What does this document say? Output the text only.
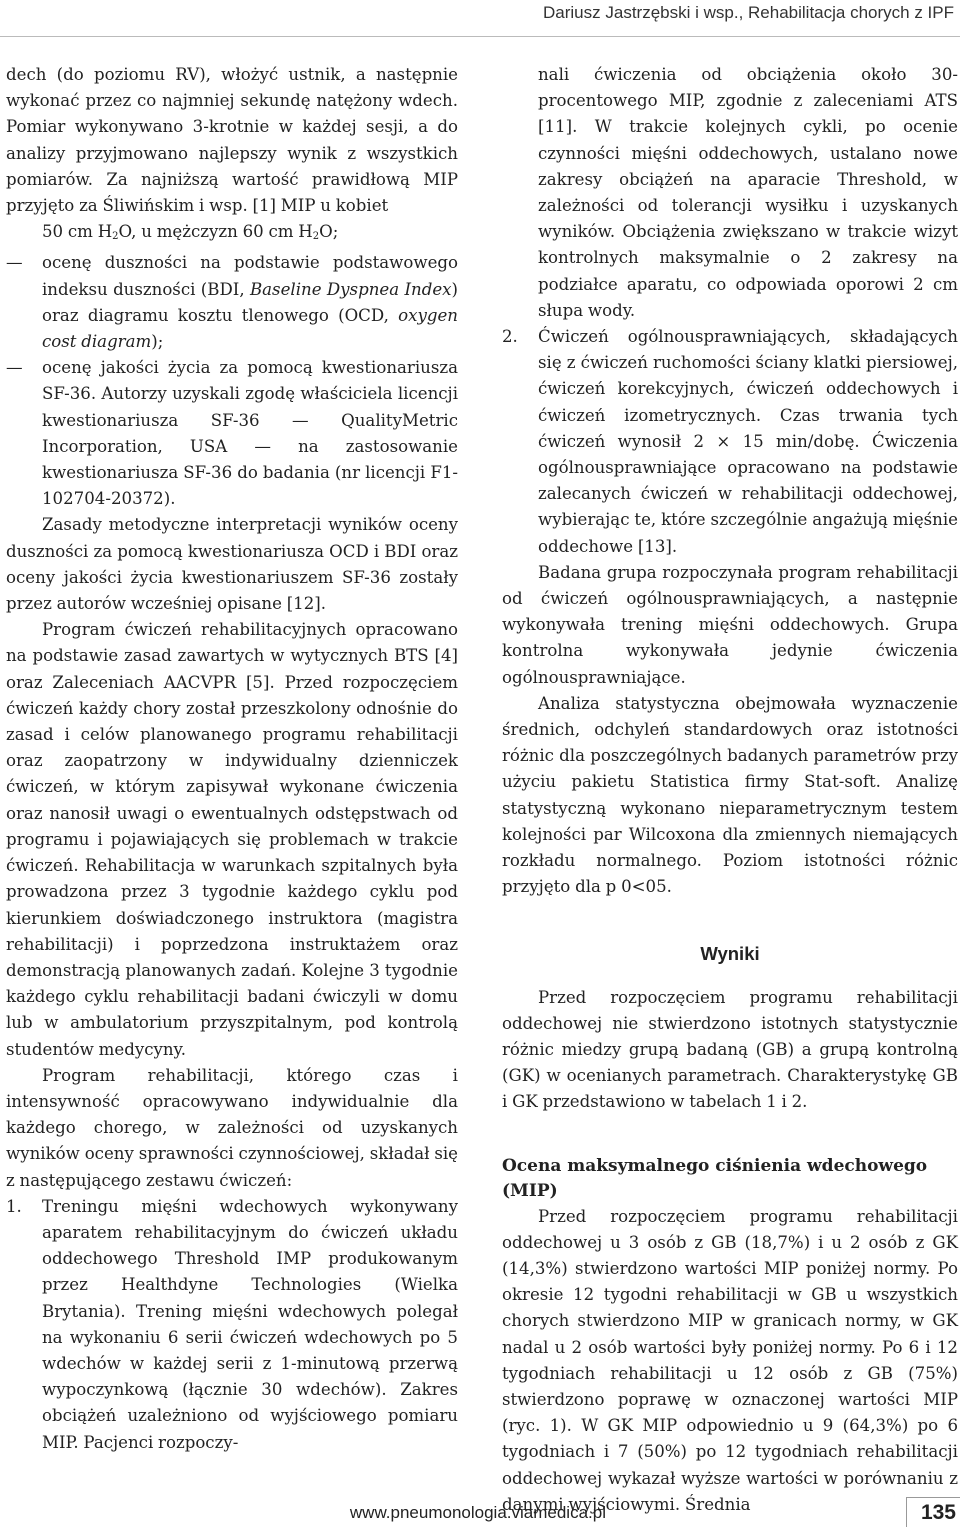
Dariusz Jastrzębski i wsp., Rehabilitacja chorych z IPF

dech (do poziomu RV), włożyć ustnik, a następnie wykonać przez co najmniej sekundę natężony wdech. Pomiar wykonywano 3-krotnie w każdej sesji, a do analizy przyjmowano najlepszy wynik z wszystkich pomiarów. Za najniższą wartość prawidłową MIP przyjęto za Śliwińskim i wsp. [1] MIP u kobiet

50 cm $H_2O$, u mężczyzn 60 cm $H_2O$;

— ocenę duszności na podstawie podstawowego indeksu duszności (BDI, Baseline Dyspnea Index) oraz diagramu kosztu tlenowego (OCD, oxygen cost diagram);

— ocenę jakości życia za pomocą kwestionariusza SF-36. Autorzy uzyskali zgodę właściciela licencji kwestionariusza SF-36 — QualityMetric Incorporation, USA — na zastosowanie kwestionariusza SF-36 do badania (nr licencji F1-102704-20372).

Zasady metodyczne interpretacji wyników oceny duszności za pomocą kwestionariusza OCD i BDI oraz oceny jakości życia kwestionariuszem SF-36 zostały przez autorów wcześniej opisane [12].

Program ćwiczeń rehabilitacyjnych opracowano na podstawie zasad zawartych w wytycznych BTS [4] oraz Zaleceniach AACVPR [5]. Przed rozpoczęciem ćwiczeń każdy chory został przeszkolony odnośnie do zasad i celów planowanego programu rehabilitacji oraz zaopatrzony w indywidualny dzienniczek ćwiczeń, w którym zapisywał wykonane ćwiczenia oraz nanosił uwagi o ewentualnych odstępstwach od programu i pojawiających się problemach w trakcie ćwiczeń. Rehabilitacja w warunkach szpitalnych była prowadzona przez 3 tygodnie każdego cyklu pod kierunkiem doświadczonego instruktora (magistra rehabilitacji) i poprzedzona instruktażem oraz demonstracją planowanych zadań. Kolejne 3 tygodnie każdego cyklu rehabilitacji badani ćwiczyli w domu lub w ambulatorium przyszpitalnym, pod kontrolą studentów medycyny.

Program rehabilitacji, którego czas i intensywność opracowywano indywidualnie dla każdego chorego, w zależności od uzyskanych wyników oceny sprawności czynnościowej, składał się z następującego zestawu ćwiczeń:

1. Treningu mięśni wdechowych wykonywany aparatem rehabilitacyjnym do ćwiczeń układu oddechowego Threshold IMP produkowanym przez Healthdyne Technologies (Wielka Brytania). Trening mięśni wdechowych polegał na wykonaniu 6 serii ćwiczeń wdechowych po 5 wdechów w każdej serii z 1-minutową przerwą wypoczynkową (łącznie 30 wdechów). Zakres obciążeń uzależniono od wyjściowego pomiaru MIP. Pacjenci rozpoczy-

nali ćwiczenia od obciążenia około 30-procentowego MIP, zgodnie z zaleceniami ATS [11]. W trakcie kolejnych cykli, po ocenie czynności mięśni oddechowych, ustalano nowe zakresy obciążeń na aparacie Threshold, w zależności od tolerancji wysiłku i uzyskanych wyników. Obciążenia zwiększano w trakcie wizyt kontrolnych maksymalnie o 2 zakresy na podziałce aparatu, co odpowiada oporowi 2 cm słupa wody.

2. Ćwiczeń ogólnousprawniających, składających się z ćwiczeń ruchomości ściany klatki piersiowej, ćwiczeń korekcyjnych, ćwiczeń oddechowych i ćwiczeń izometrycznych. Czas trwania tych ćwiczeń wynosił 2 × 15 min/dobę. Ćwiczenia ogólnousprawniające opracowano na podstawie zalecanych ćwiczeń w rehabilitacji oddechowej, wybierając te, które szczególnie angażują mięśnie oddechowe [13].

Badana grupa rozpoczynała program rehabilitacji od ćwiczeń ogólnousprawniających, a następnie wykonywała trening mięśni oddechowych. Grupa kontrolna wykonywała jedynie ćwiczenia ogólnousprawniające.

Analiza statystyczna obejmowała wyznaczenie średnich, odchyleń standardowych oraz istotności różnic dla poszczególnych badanych parametrów przy użyciu pakietu Statistica firmy Stat-soft. Analizę statystyczną wykonano nieparametrycznym testem kolejności par Wilcoxona dla zmiennych niemających rozkładu normalnego. Poziom istotności różnic przyjęto dla p 0<05.

Wyniki

Przed rozpoczęciem programu rehabilitacji oddechowej nie stwierdzono istotnych statystycznie różnic miedzy grupą badaną (GB) a grupą kontrolną (GK) w ocenianych parametrach. Charakterystykę GB i GK przedstawiono w tabelach 1 i 2.

Ocena maksymalnego ciśnienia wdechowego (MIP)

Przed rozpoczęciem programu rehabilitacji oddechowej u 3 osób z GB (18,7%) i u 2 osób z GK (14,3%) stwierdzono wartości MIP poniżej normy. Po okresie 12 tygodni rehabilitacji w GB u wszystkich chorych stwierdzono MIP w granicach normy, w GK nadal u 2 osób wartości były poniżej normy. Po 6 i 12 tygodniach rehabilitacji u 12 osób z GB (75%) stwierdzono poprawę w oznaczonej wartości MIP (ryc. 1). W GK MIP odpowiednio u 9 (64,3%) po 6 tygodniach i 7 (50%) po 12 tygodniach rehabilitacji oddechowej wykazał wyższe wartości w porównaniu z danymi wyjściowymi. Średnia

www.pneumonologia.viamedica.pl	135
